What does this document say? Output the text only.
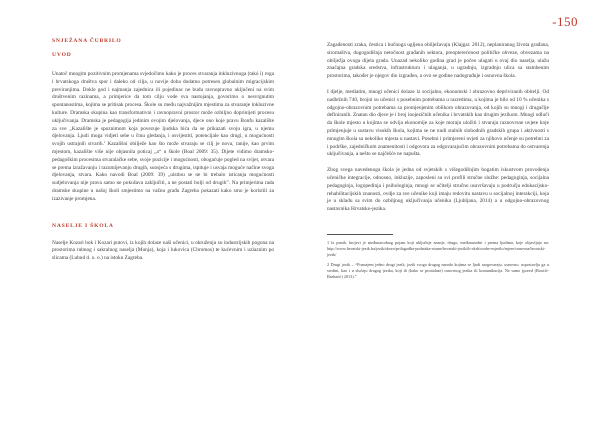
-150
SNJEŽANA ČUBRILO
UVOD

Unatoč mnogim pozitivnim promjenama svjedočimo kako je proces stvaranja inkluzivnoga (takó i) roga i hrvatskoga društva spor i daleko od cilja, u novije doba dodatno potresen globalnim migracijskim previranjima. Dokle god i najmanja zajednica ili pojedinac ne budu ravnopravno uključeni na svim društvenim razinama, a primjerice da tom cilju vode sva nastojanja, govorimo o nesvrgnutim spontanostima, kojima se pritisak procesa. Škole su među najvažnijim mjestima za stvaranje inkluzivne kulture. Dramska skupina kao transformativni i ravnopravni prostor može ozbiljno doprinijeti procesu uključivanja. Dramska je pedagogija jedinim ovojim djelovanja, djece ono koje pravu Bonfu kazalište za sve „Kazalište je spoznimom koja povezuje ljudska bića da se prikazati svoju igra, u njemu djelovanja. Ljudi moga vidjeti sebe u činu gledanja, i osvijestiti, potencijale kao drugi, u mogućnosti svojih ustrajnih stvarih.’ Kazališni obilježe kao što može stvaraju se cilj je nova, ranije, kao prvim mjestom, kazalište više nije objasnila poticaj „a“ u škole (Boal 2009: 35). Dijete vidimo dramsko-pedagoškim procesima stvaralačke sebe, svoje pozicije i mogućnosti, obogaćuje pogled na svijet, otvara se prema izražavanju i razumijevanju drugih, suosjeća s drugima, ispituje i usvaja moguće načine svoga djelovanja, stvara. Kako navodi Boal (2009: 39) „uistinu se ne bi trebalo isticanja mogućnosti sudjelovanja nije prava samo ne pokušava zaključiti, a ne postati bolji od drugih”. Na primjerima rada dramske skupine u našoj školi smjestimo na važnu građu Zagreba pokazati kako smo je koristili za izazivanje promjena.

NASELJE I ŠKOLA

Naselje Kozari bok i Kozari putovi, iz kojih dolaze naši učenici, u okruženju su industrijskih pogona na prostorima rubnog i sakralnog naselja (Munja), koja i lukovica (Chromos) te kućevnim i uzlaznim po slicama (Lubud d. o. o.) na istoku Zagreba.

Zagađenosti zraka, čestica i bučnoga ugljena obilježavaju (Klajgar. 2012), neplaniranog života građana, siromaštva, dugogodišnja netočnost građanih sektora, preopterećenost političke obveze, obvezama na obilježja ovoga dijela grada. Unazad nekoliko godina grad je počeo ulagati u ovaj dio naselja, ulažu značajna gradska sredstva, infrastrukturu i ulaganja, u ugradnju, izgradnju ulica sa stambenim prostorima, također je njegov dio izgrađen, a ovo se godine nadograđuje i osnovna škola.

I djelje, mediatim, mnogi učenici dolaze iz socijalno, ekonomski i obrazovno depriviranih obitelji. Od nadležnih 740, brojni su učenici s posebnim potrebama u razredima, u kojima je bilo od 10 % učenika s odgojno-obrazovnim potrebama sa promjenjenim oblikom obrazovanja, od kojih su mnogi i drugačije definiranih. Znatan dio djece je i broj inojezičnih učenika i hrvatskih kao drugim jezikom. Mnogi odluči da škole mjesto u kojima se odvija ekonomije za koje moraju uložiti i stvaraju raznovrsne uvjete koje primjenjuje u sustavu visokih škola, kojima se ne nudi stalnih slobodnih gradskih grupa i aktivnosti s mnogim škola sa nekoliko mjesta u nastavi. Posebni i primjereni uvjeti za njihovo učenje su potrebni za i podrške, zajedničkom znamenitosti i odgovora za odgovarajućim obrazovnim potrebama do ostvarenja uključivanja, a nešto se najčešće ne napušta.

Zbog svega navedenoga škola je jedna od svjetskih s višegodišnjim bogatim iskustvom provođenja učeničke integracije, odnosno, inkluzije, zaposleni su svi profili stručne službe: pedagoginja, socijalna pedagoginja, logopedinja i psihologinja, mnogi se učitelji stručno usavršavaju u području edukacijsko-rehabilitacijskih znanosti, ovdje za sve učenike koji imaju redovitu nastavu u socijalnoj interakciji, koja je u skladu sa svim do ozbiljnog uključivanja učenika (Ljubljana, 2014) a u odgojno-obrazovnog nastavnika Hrvatsko-jezika.

1 Iz punih, brojevi je međunarodnog pojam koji uključuje znanje, drugo, međunarodni i prema ljudima, koje objavljuje na: http://www.hrvatski-jezik.ba/jezik/ubrzo/prilagodba-podataka-strane/hrvatski-jezik/ih-skrb/osobe-mjerilo/mjere/osnovna/hrvatski-jezik/

2 Drugi jezik – “Poznajem jedno drugi jezik, jezik svoga drugog naroda kojima se ljudi razgovaraju, osnovno, uspostavlja ga u sredini, kao i u slučaju drugog jezika, koji ih (kako se pronalaze) osnovnog jezika ili komunikacija. Ne samo (pored (Boaćić-Barbarić) 2013).”
